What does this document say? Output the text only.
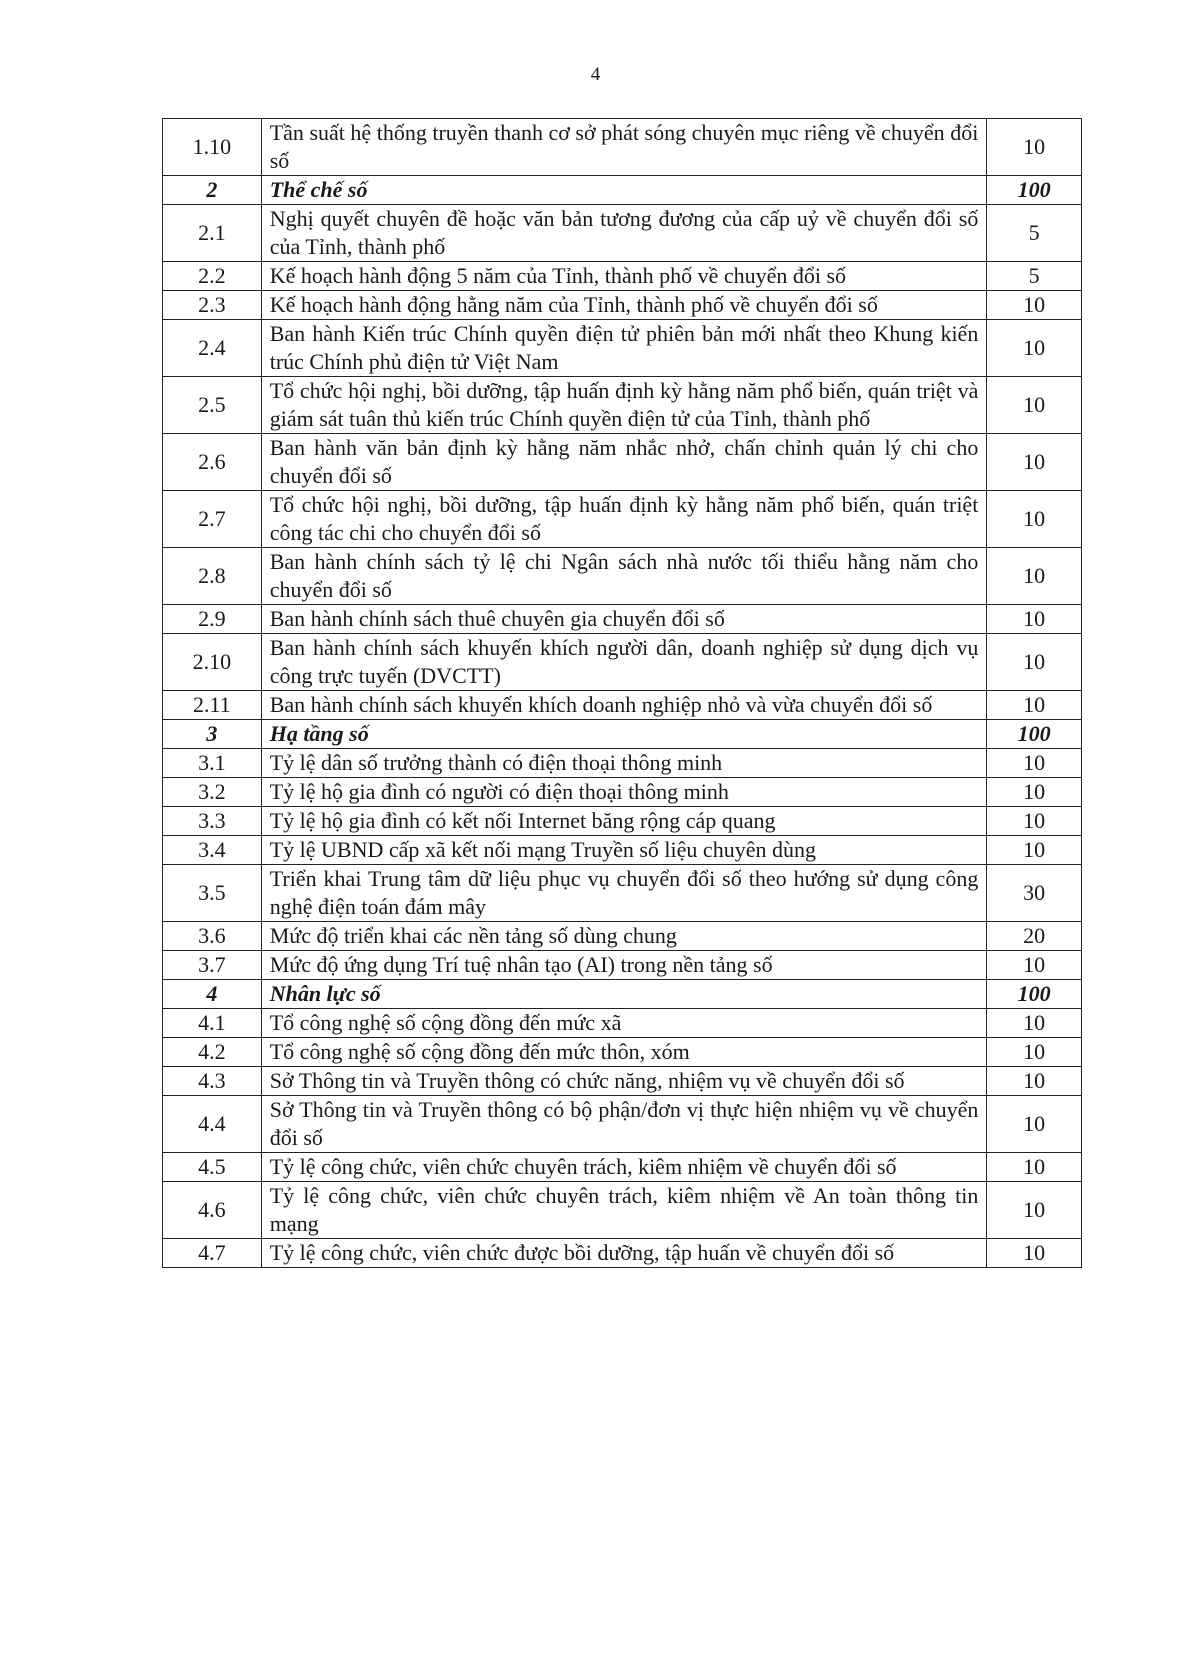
4
1.10	Tần suất hệ thống truyền thanh cơ sở phát sóng chuyên mục riêng về chuyển đổi số	10
2	Thể chế số	100
2.1	Nghị quyết chuyên đề hoặc văn bản tương đương của cấp uỷ về chuyển đổi số của Tỉnh, thành phố	5
2.2	Kế hoạch hành động 5 năm của Tỉnh, thành phố về chuyển đổi số	5
2.3	Kế hoạch hành động hằng năm của Tỉnh, thành phố về chuyển đổi số	10
2.4	Ban hành Kiến trúc Chính quyền điện tử phiên bản mới nhất theo Khung kiến trúc Chính phủ điện tử Việt Nam	10
2.5	Tổ chức hội nghị, bồi dưỡng, tập huấn định kỳ hằng năm phổ biến, quán triệt và giám sát tuân thủ kiến trúc Chính quyền điện tử của Tỉnh, thành phố	10
2.6	Ban hành văn bản định kỳ hằng năm nhắc nhở, chấn chỉnh quản lý chi cho chuyển đổi số	10
2.7	Tổ chức hội nghị, bồi dưỡng, tập huấn định kỳ hằng năm phổ biến, quán triệt công tác chi cho chuyển đổi số	10
2.8	Ban hành chính sách tỷ lệ chi Ngân sách nhà nước tối thiểu hằng năm cho chuyển đổi số	10
2.9	Ban hành chính sách thuê chuyên gia chuyển đổi số	10
2.10	Ban hành chính sách khuyến khích người dân, doanh nghiệp sử dụng dịch vụ công trực tuyến (DVCTT)	10
2.11	Ban hành chính sách khuyến khích doanh nghiệp nhỏ và vừa chuyển đổi số	10
3	Hạ tầng số	100
3.1	Tỷ lệ dân số trưởng thành có điện thoại thông minh	10
3.2	Tỷ lệ hộ gia đình có người có điện thoại thông minh	10
3.3	Tỷ lệ hộ gia đình có kết nối Internet băng rộng cáp quang	10
3.4	Tỷ lệ UBND cấp xã kết nối mạng Truyền số liệu chuyên dùng	10
3.5	Triển khai Trung tâm dữ liệu phục vụ chuyển đổi số theo hướng sử dụng công nghệ điện toán đám mây	30
3.6	Mức độ triển khai các nền tảng số dùng chung	20
3.7	Mức độ ứng dụng Trí tuệ nhân tạo (AI) trong nền tảng số	10
4	Nhân lực số	100
4.1	Tổ công nghệ số cộng đồng đến mức xã	10
4.2	Tổ công nghệ số cộng đồng đến mức thôn, xóm	10
4.3	Sở Thông tin và Truyền thông có chức năng, nhiệm vụ về chuyển đổi số	10
4.4	Sở Thông tin và Truyền thông có bộ phận/đơn vị thực hiện nhiệm vụ về chuyển đổi số	10
4.5	Tỷ lệ công chức, viên chức chuyên trách, kiêm nhiệm về chuyển đổi số	10
4.6	Tỷ lệ công chức, viên chức chuyên trách, kiêm nhiệm về An toàn thông tin mạng	10
4.7	Tỷ lệ công chức, viên chức được bồi dưỡng, tập huấn về chuyển đổi số	10
